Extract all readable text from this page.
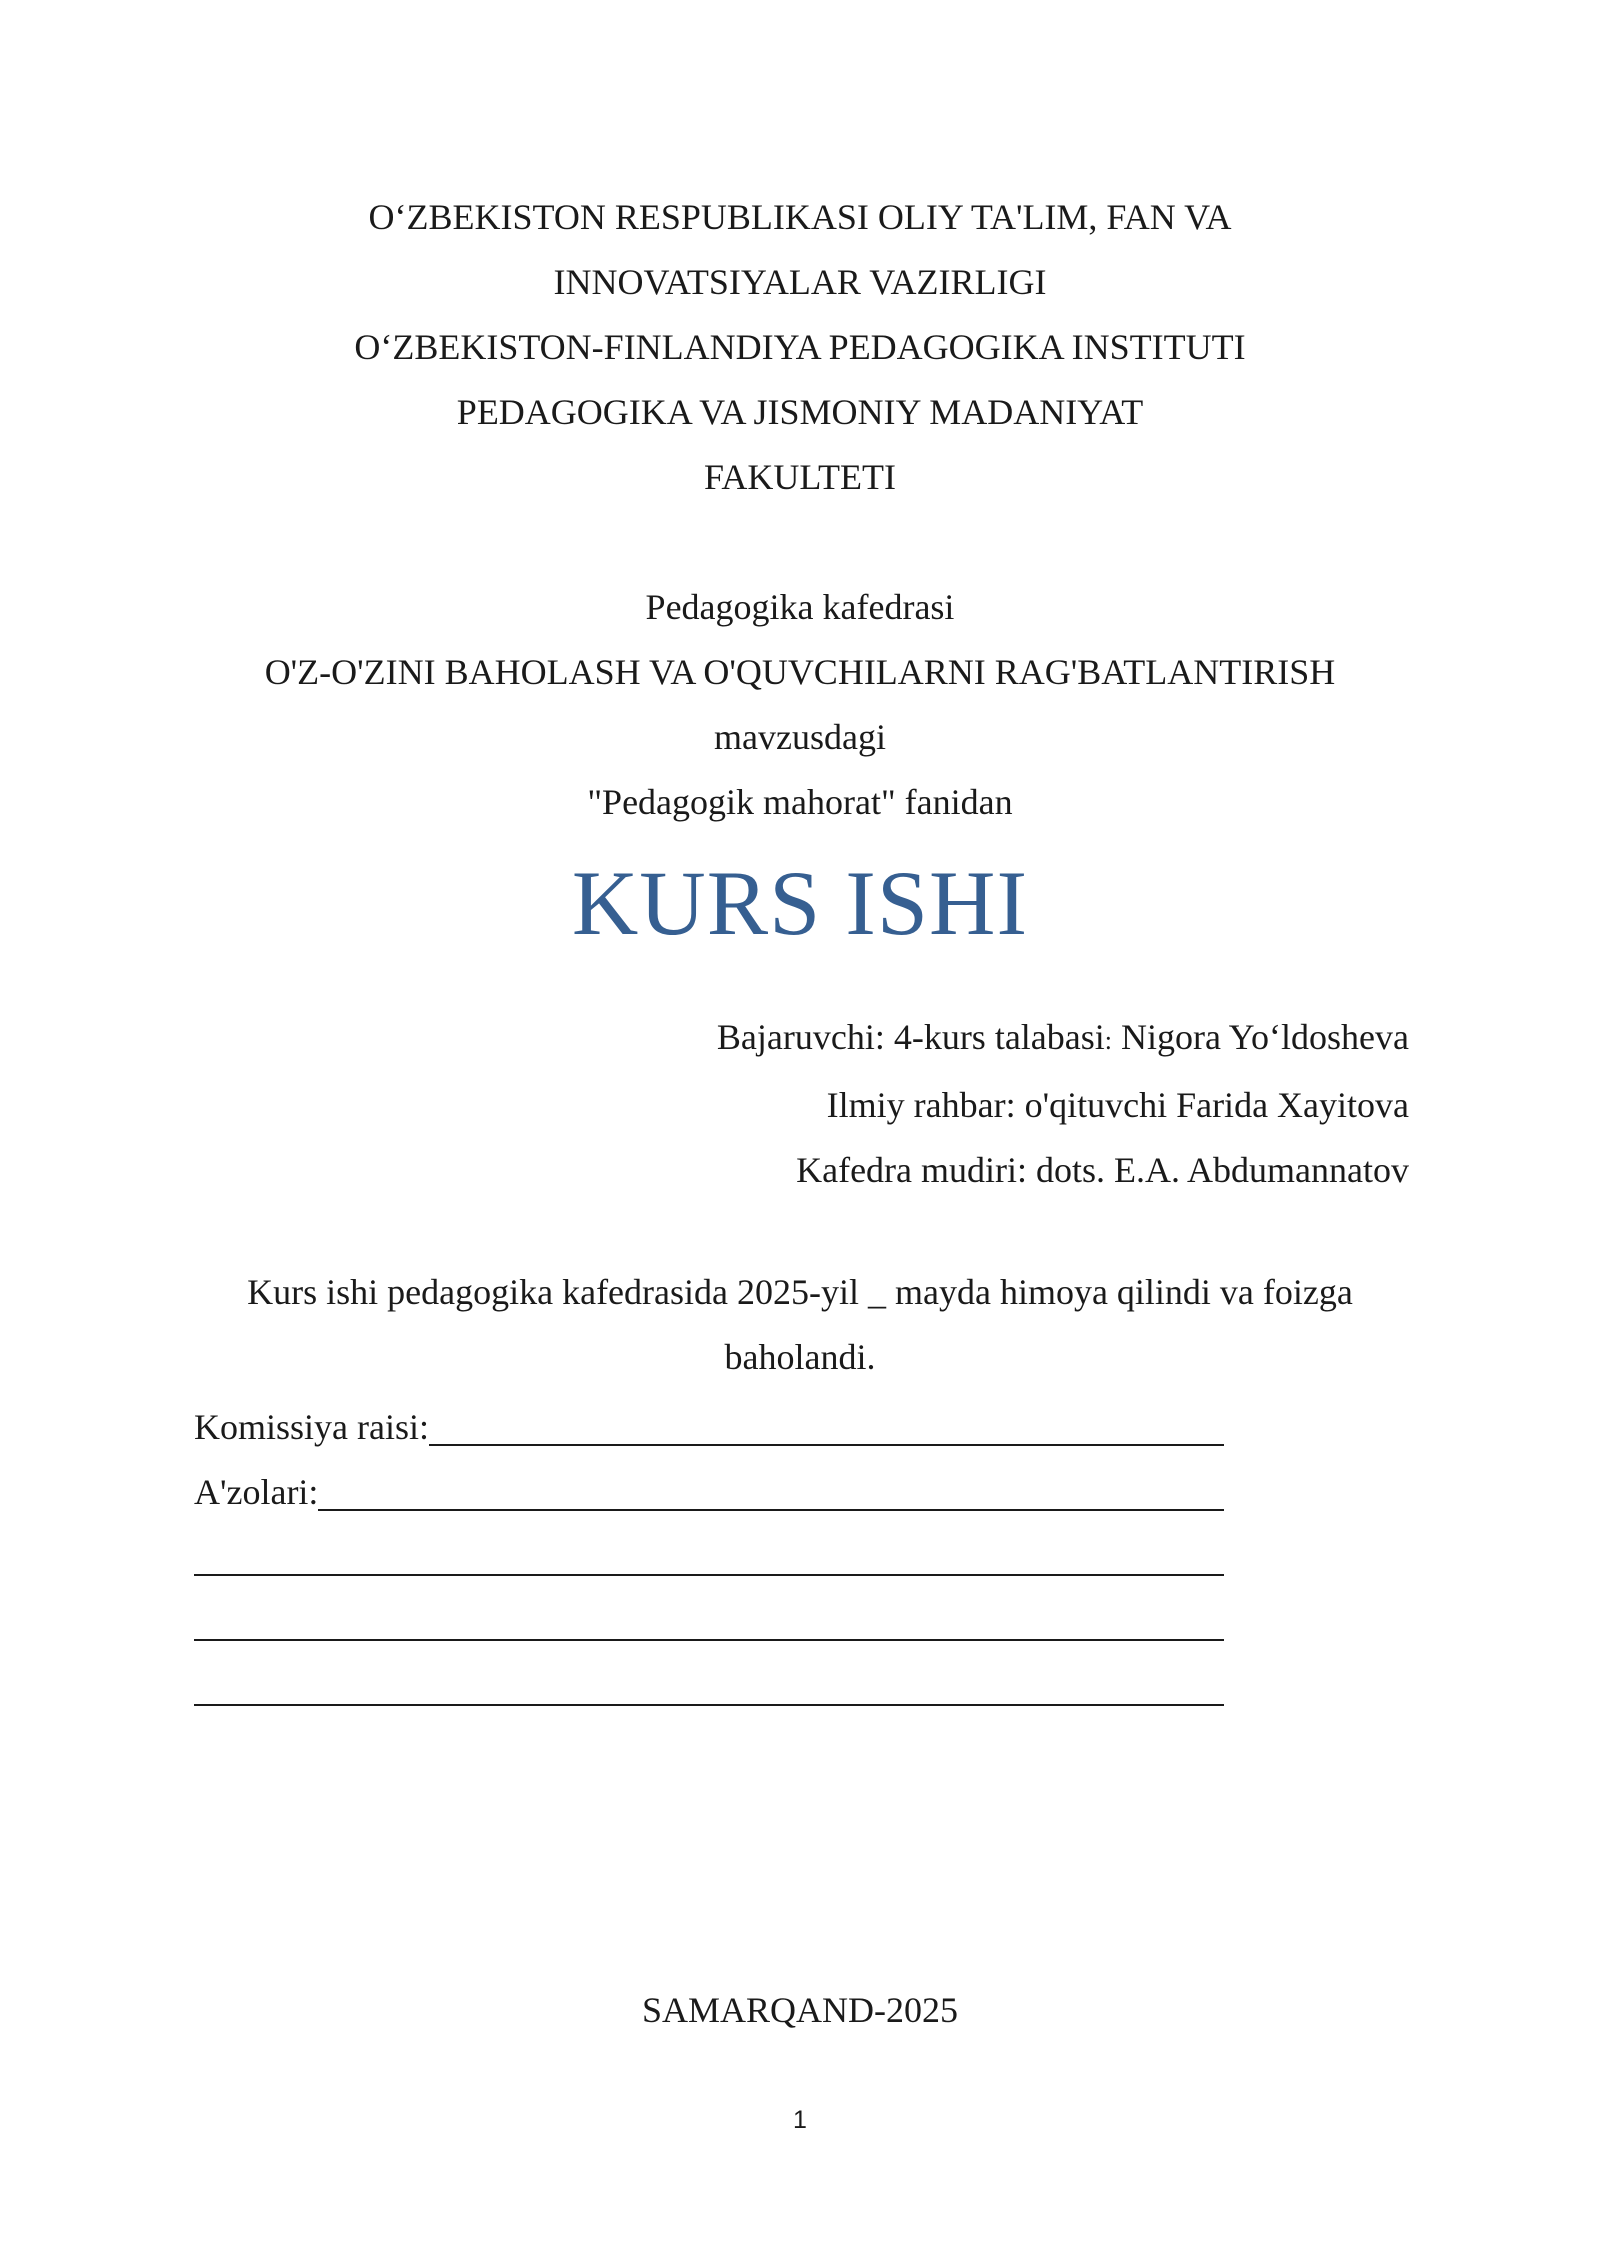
O‘ZBEKISTON RESPUBLIKASI OLIY TA'LIM, FAN VA
INNOVATSIYALAR VAZIRLIGI
O‘ZBEKISTON-FINLANDIYA PEDAGOGIKA INSTITUTI
PEDAGOGIKA VA JISMONIY MADANIYAT
FAKULTETI
Pedagogika kafedrasi
O'Z-O'ZINI BAHOLASH VA O'QUVCHILARNI RAG'BATLANTIRISH
mavzusdagi
"Pedagogik mahorat" fanidan
KURS ISHI
Bajaruvchi: 4-kurs talabasi: Nigora Yo‘ldosheva
Ilmiy rahbar: o'qituvchi Farida Xayitova
Kafedra mudiri: dots. E.A. Abdumannatov
Kurs ishi pedagogika kafedrasida 2025-yil _ mayda himoya qilindi va foizga
baholandi.
Komissiya raisi:
A'zolari:
SAMARQAND-2025
1
